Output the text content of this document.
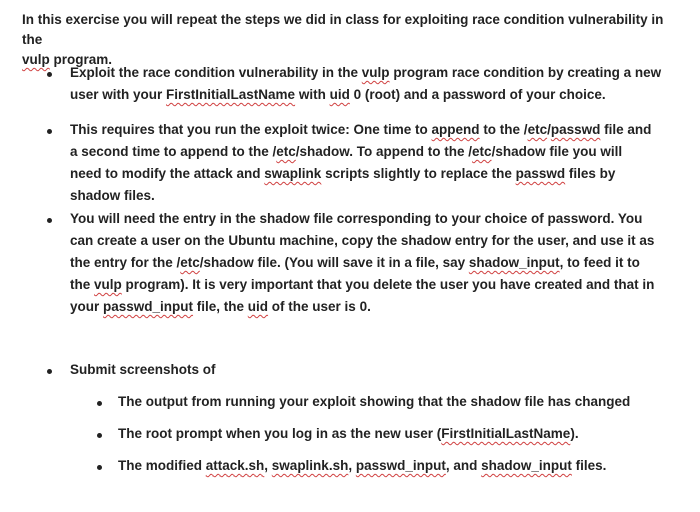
In this exercise you will repeat the steps we did in class for exploiting race condition vulnerability in the
vulp program.
Exploit the race condition vulnerability in the vulp program race condition by creating a new user with your FirstInitialLastName with uid 0 (root) and a password of your choice.
This requires that you run the exploit twice: One time to append to the /etc/passwd file and a second time to append to the /etc/shadow. To append to the /etc/shadow file you will need to modify the attack and swaplink scripts slightly to replace the passwd files by shadow files.
You will need the entry in the shadow file corresponding to your choice of password. You can create a user on the Ubuntu machine, copy the shadow entry for the user, and use it as the entry for the /etc/shadow file. (You will save it in a file, say shadow_input, to feed it to the vulp program). It is very important that you delete the user you have created and that in your passwd_input file, the uid of the user is 0.
Submit screenshots of
The output from running your exploit showing that the shadow file has changed
The root prompt when you log in as the new user (FirstInitialLastName).
The modified attack.sh, swaplink.sh, passwd_input, and shadow_input files.
